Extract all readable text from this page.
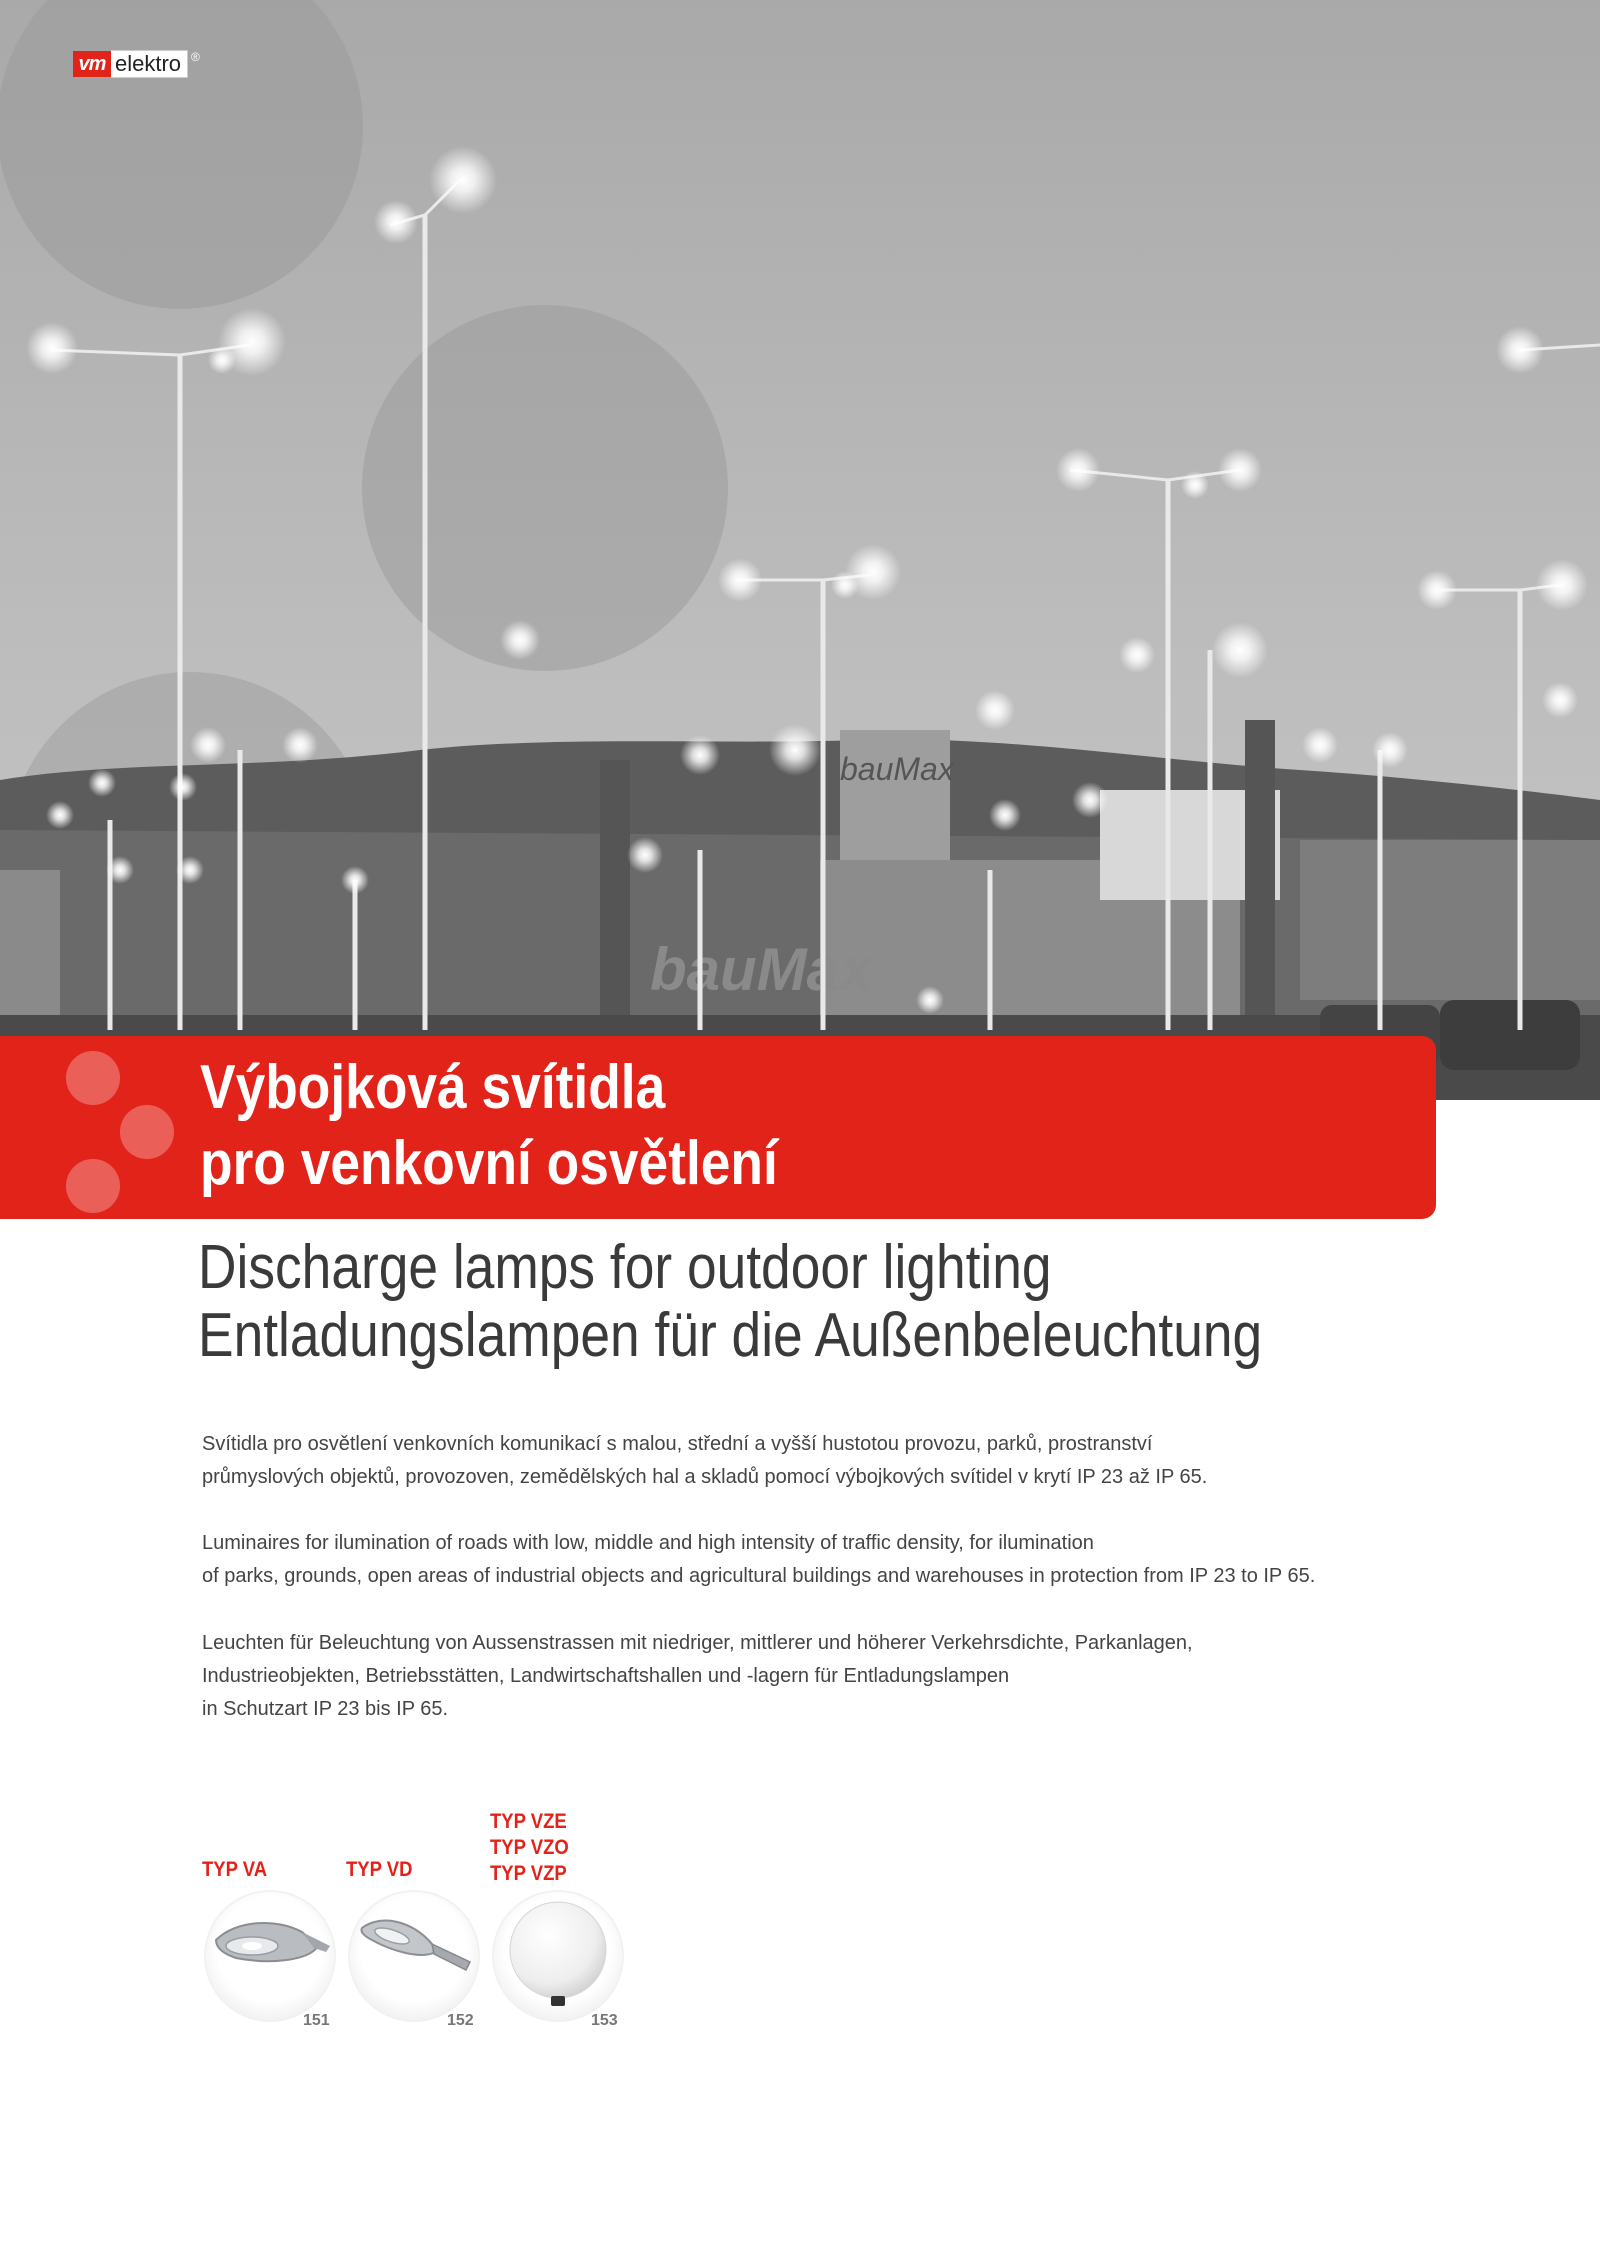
bauMax
bauMax
vm elektro ®
Výbojková svítidla
pro venkovní osvětlení
Discharge lamps for outdoor lighting
Entladungslampen für die Außenbeleuchtung
Svítidla pro osvětlení venkovních komunikací s malou, střední a vyšší hustotou provozu, parků, prostranství
průmyslových objektů, provozoven, zemědělských hal a skladů pomocí výbojkových svítidel v krytí IP 23 až IP 65.
Luminaires for ilumination of roads with low, middle and high intensity of traffic density, for ilumination
of parks, grounds, open areas of industrial objects and agricultural buildings and warehouses in protection from IP 23 to IP 65.
Leuchten für Beleuchtung von Aussenstrassen mit niedriger, mittlerer und höherer Verkehrsdichte, Parkanlagen,
Industrieobjekten, Betriebsstätten, Landwirtschaftshallen und -lagern für Entladungslampen
in Schutzart IP 23 bis IP 65.
TYP VA	TYP VD
TYP VZE
TYP VZO
TYP VZP
151	152	153
